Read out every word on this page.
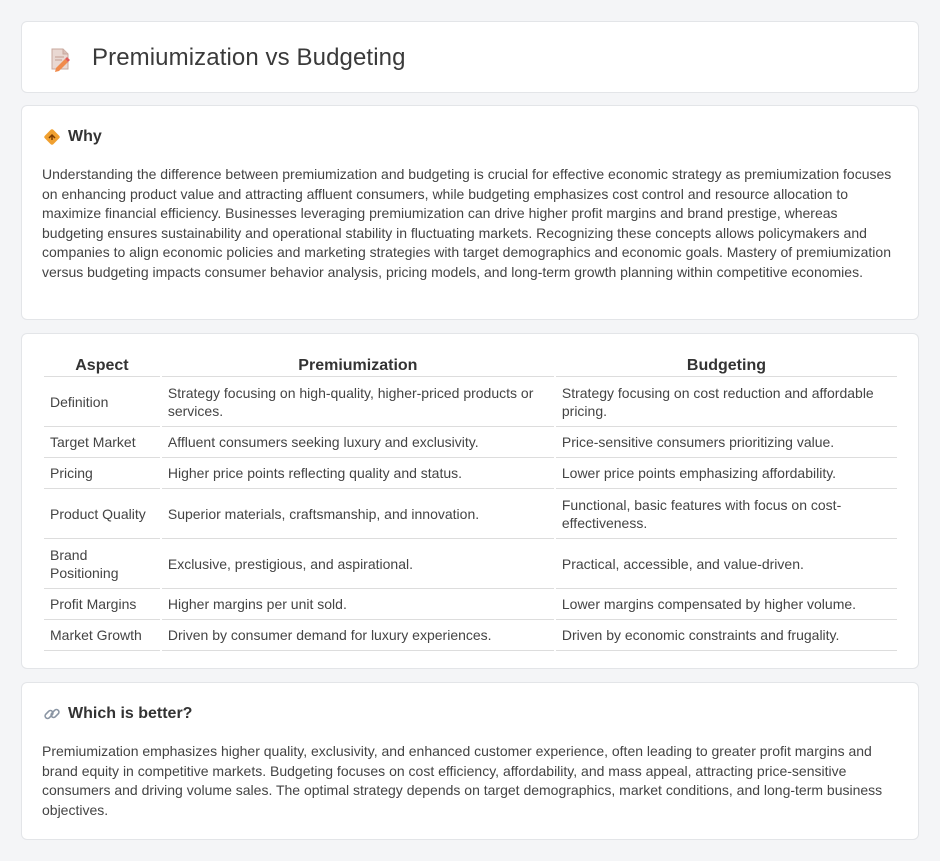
Premiumization vs Budgeting
Why

Understanding the difference between premiumization and budgeting is crucial for effective economic strategy as premiumization focuses on enhancing product value and attracting affluent consumers, while budgeting emphasizes cost control and resource allocation to maximize financial efficiency. Businesses leveraging premiumization can drive higher profit margins and brand prestige, whereas budgeting ensures sustainability and operational stability in fluctuating markets. Recognizing these concepts allows policymakers and companies to align economic policies and marketing strategies with target demographics and economic goals. Mastery of premiumization versus budgeting impacts consumer behavior analysis, pricing models, and long-term growth planning within competitive economies.

Aspect	Premiumization	Budgeting
Definition	Strategy focusing on high-quality, higher-priced products or services.	Strategy focusing on cost reduction and affordable pricing.
Target Market	Affluent consumers seeking luxury and exclusivity.	Price-sensitive consumers prioritizing value.
Pricing	Higher price points reflecting quality and status.	Lower price points emphasizing affordability.
Product Quality	Superior materials, craftsmanship, and innovation.	Functional, basic features with focus on cost-effectiveness.
Brand Positioning	Exclusive, prestigious, and aspirational.	Practical, accessible, and value-driven.
Profit Margins	Higher margins per unit sold.	Lower margins compensated by higher volume.
Market Growth	Driven by consumer demand for luxury experiences.	Driven by economic constraints and frugality.
Which is better?

Premiumization emphasizes higher quality, exclusivity, and enhanced customer experience, often leading to greater profit margins and brand equity in competitive markets. Budgeting focuses on cost efficiency, affordability, and mass appeal, attracting price-sensitive consumers and driving volume sales. The optimal strategy depends on target demographics, market conditions, and long-term business objectives.
